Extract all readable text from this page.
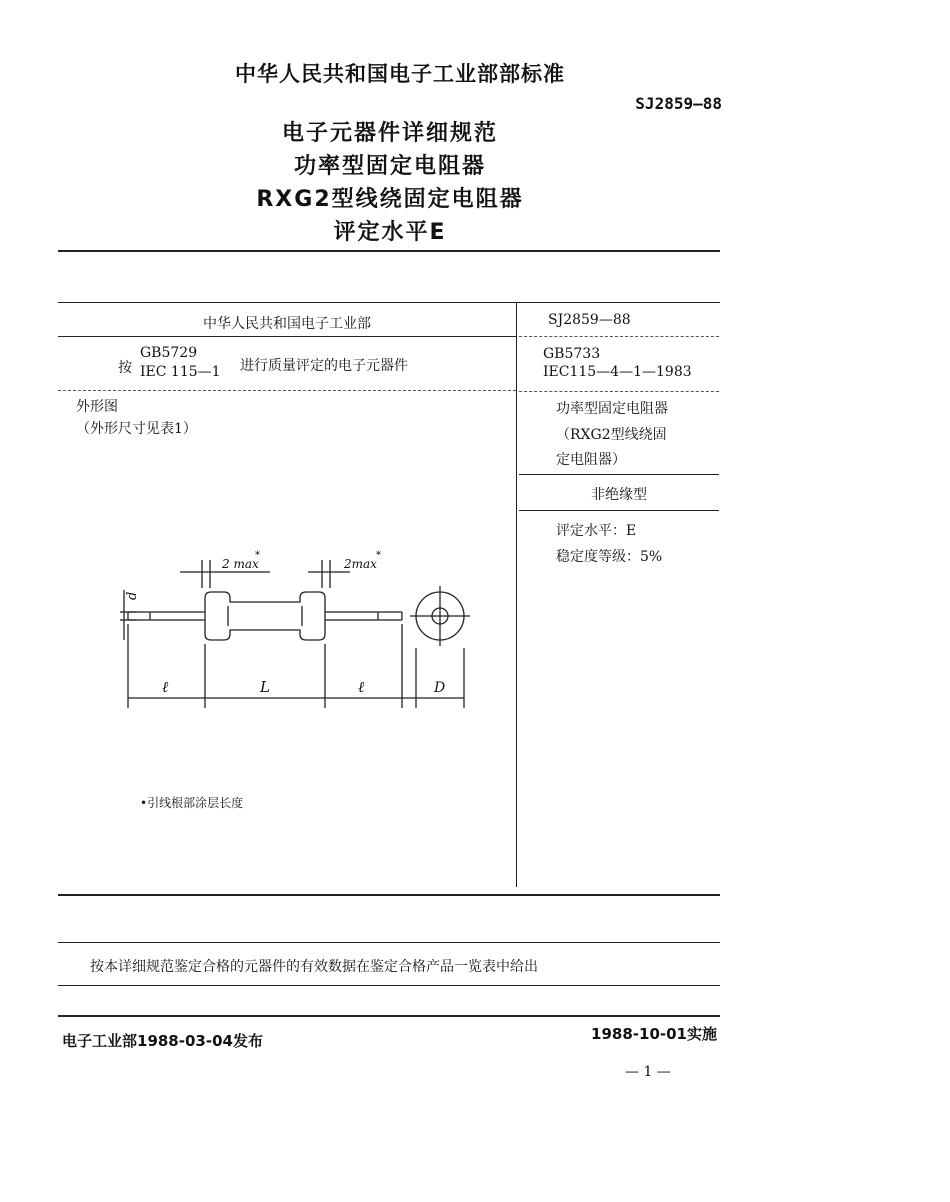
中华人民共和国电子工业部部标准
SJ2859—88
电子元器件详细规范
功率型固定电阻器
RXG2型线绕固定电阻器
评定水平E
中华人民共和国电子工业部
按
GB5729
IEC 115—1 进行质量评定的电子元器件
外形图
（外形尺寸见表1）
SJ2859—88
GB5733
IEC115—4—1—1983
功率型固定电阻器
（RXG2型线绕固
定电阻器）
非绝缘型
评定水平：E
稳定度等级：5%
2 max
*
2max
*
d
ℓ	L	ℓ	D
•引线根部涂层长度
按本详细规范鉴定合格的元器件的有效数据在鉴定合格产品一览表中给出
电子工业部1988-03-04发布	1988-10-01实施
— 1 —
